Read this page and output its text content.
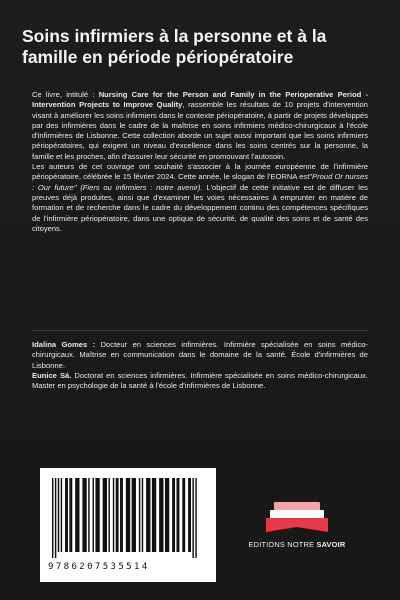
Soins infirmiers à la personne et à la famille en période périopératoire

Ce livre, intitulé : Nursing Care for the Person and Family in the Perioperative Period - Intervention Projects to Improve Quality, rassemble les résultats de 10 projets d'intervention visant à améliorer les soins infirmiers dans le contexte périopératoire, à partir de projets développés par des infirmières dans le cadre de la maîtrise en soins infirmiers médico-chirurgicaux à l'école d'infirmières de Lisbonne. Cette collection aborde un sujet aussi important que les soins infirmiers périopératoires, qui exigent un niveau d'excellence dans les soins centrés sur la personne, la famille et les proches, afin d'assurer leur sécurité en promouvant l'autosoin.

Les auteurs de cet ouvrage ont souhaité s'associer à la journée européenne de l'infirmière périopératoire, célébrée le 15 février 2024. Cette année, le slogan de l'EORNA est"Proud Or nurses : Our future" (Fiers ou infirmiers : notre avenir). L'objectif de cette initiative est de diffuser les preuves déjà produites, ainsi que d'examiner les voies nécessaires à emprunter en matière de formation et de recherche dans le cadre du développement continu des compétences spécifiques de l'infirmière périopératoire, dans une optique de sécurité, de qualité des soins et de santé des citoyens.

Idalina Gomes : Docteur en sciences infirmières. Infirmière spécialisée en soins médico-chirurgicaux. Maîtrise en communication dans le domaine de la santé. École d'infirmières de Lisbonne.

Eunice Sá. Doctorat en sciences infirmières. Infirmière spécialisée en soins médico-chirurgicaux. Master en psychologie de la santé à l'école d'infirmières de Lisbonne.

9786207535514
EDITIONS NOTRE SAVOIR
